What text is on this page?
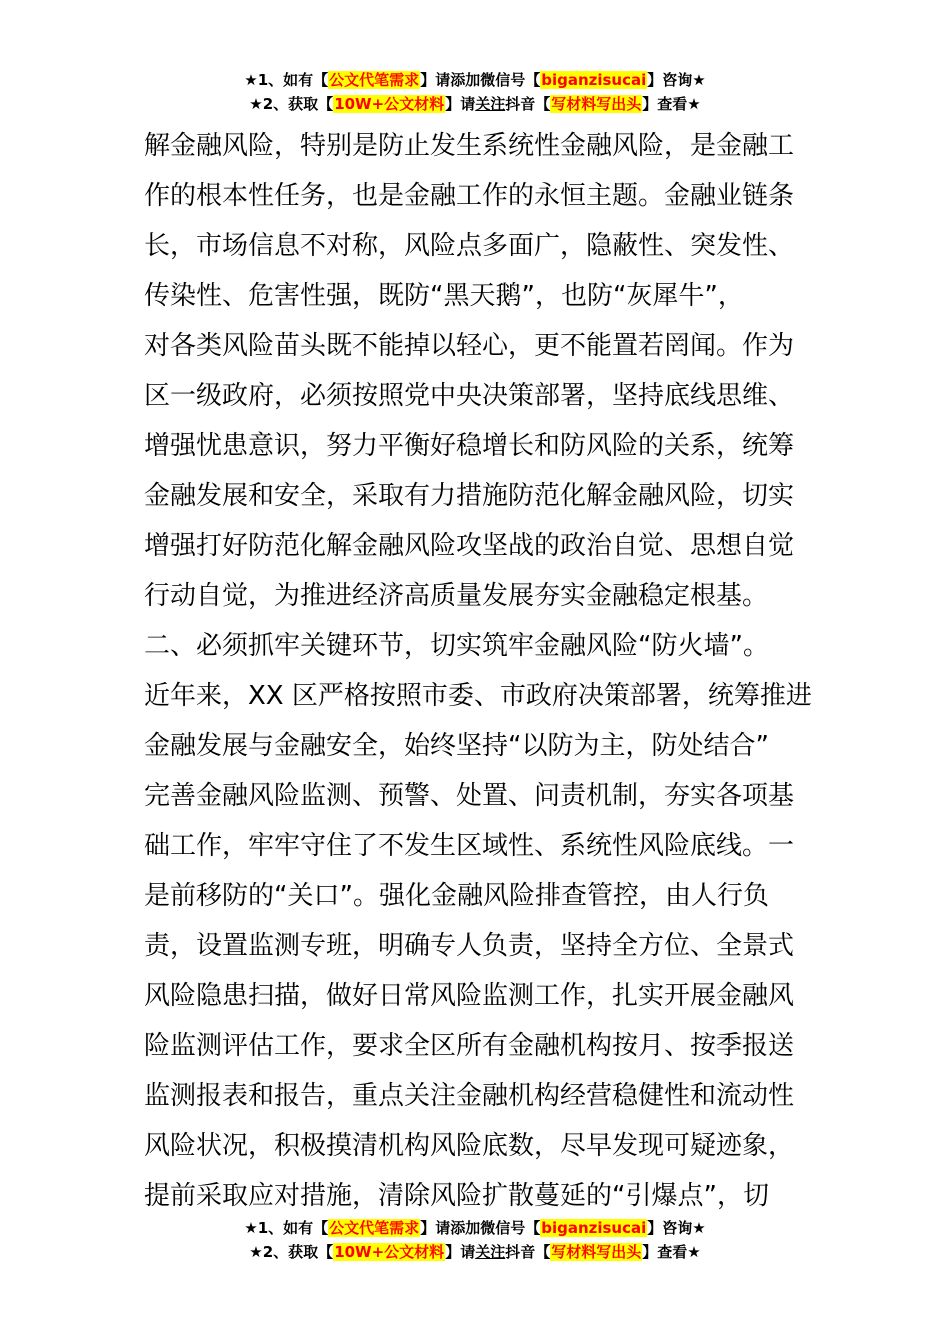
★1、如有【公文代笔需求】请添加微信号【biganzisucai】咨询★
★2、获取【10W+公文材料】请关注抖音【写材料写出头】查看★
解金融风险，特别是防止发生系统性金融风险，是金融工
作的根本性任务，也是金融工作的永恒主题。金融业链条
长，市场信息不对称，风险点多面广，隐蔽性、突发性、
传染性、危害性强，既防“黑天鹅”，也防“灰犀牛”，
对各类风险苗头既不能掉以轻心，更不能置若罔闻。作为
区一级政府，必须按照党中央决策部署，坚持底线思维、
增强忧患意识，努力平衡好稳增长和防风险的关系，统筹
金融发展和安全，采取有力措施防范化解金融风险，切实
增强打好防范化解金融风险攻坚战的政治自觉、思想自觉
行动自觉，为推进经济高质量发展夯实金融稳定根基。
二、必须抓牢关键环节，切实筑牢金融风险“防火墙”。
近年来，XX 区严格按照市委、市政府决策部署，统筹推进
金融发展与金融安全，始终坚持“以防为主，防处结合”
完善金融风险监测、预警、处置、问责机制，夯实各项基
础工作，牢牢守住了不发生区域性、系统性风险底线。一
是前移防的“关口”。强化金融风险排查管控，由人行负
责，设置监测专班，明确专人负责，坚持全方位、全景式
风险隐患扫描，做好日常风险监测工作，扎实开展金融风
险监测评估工作，要求全区所有金融机构按月、按季报送
监测报表和报告，重点关注金融机构经营稳健性和流动性
风险状况，积极摸清机构风险底数，尽早发现可疑迹象，
提前采取应对措施，清除风险扩散蔓延的“引爆点”，切
★1、如有【公文代笔需求】请添加微信号【biganzisucai】咨询★
★2、获取【10W+公文材料】请关注抖音【写材料写出头】查看★
